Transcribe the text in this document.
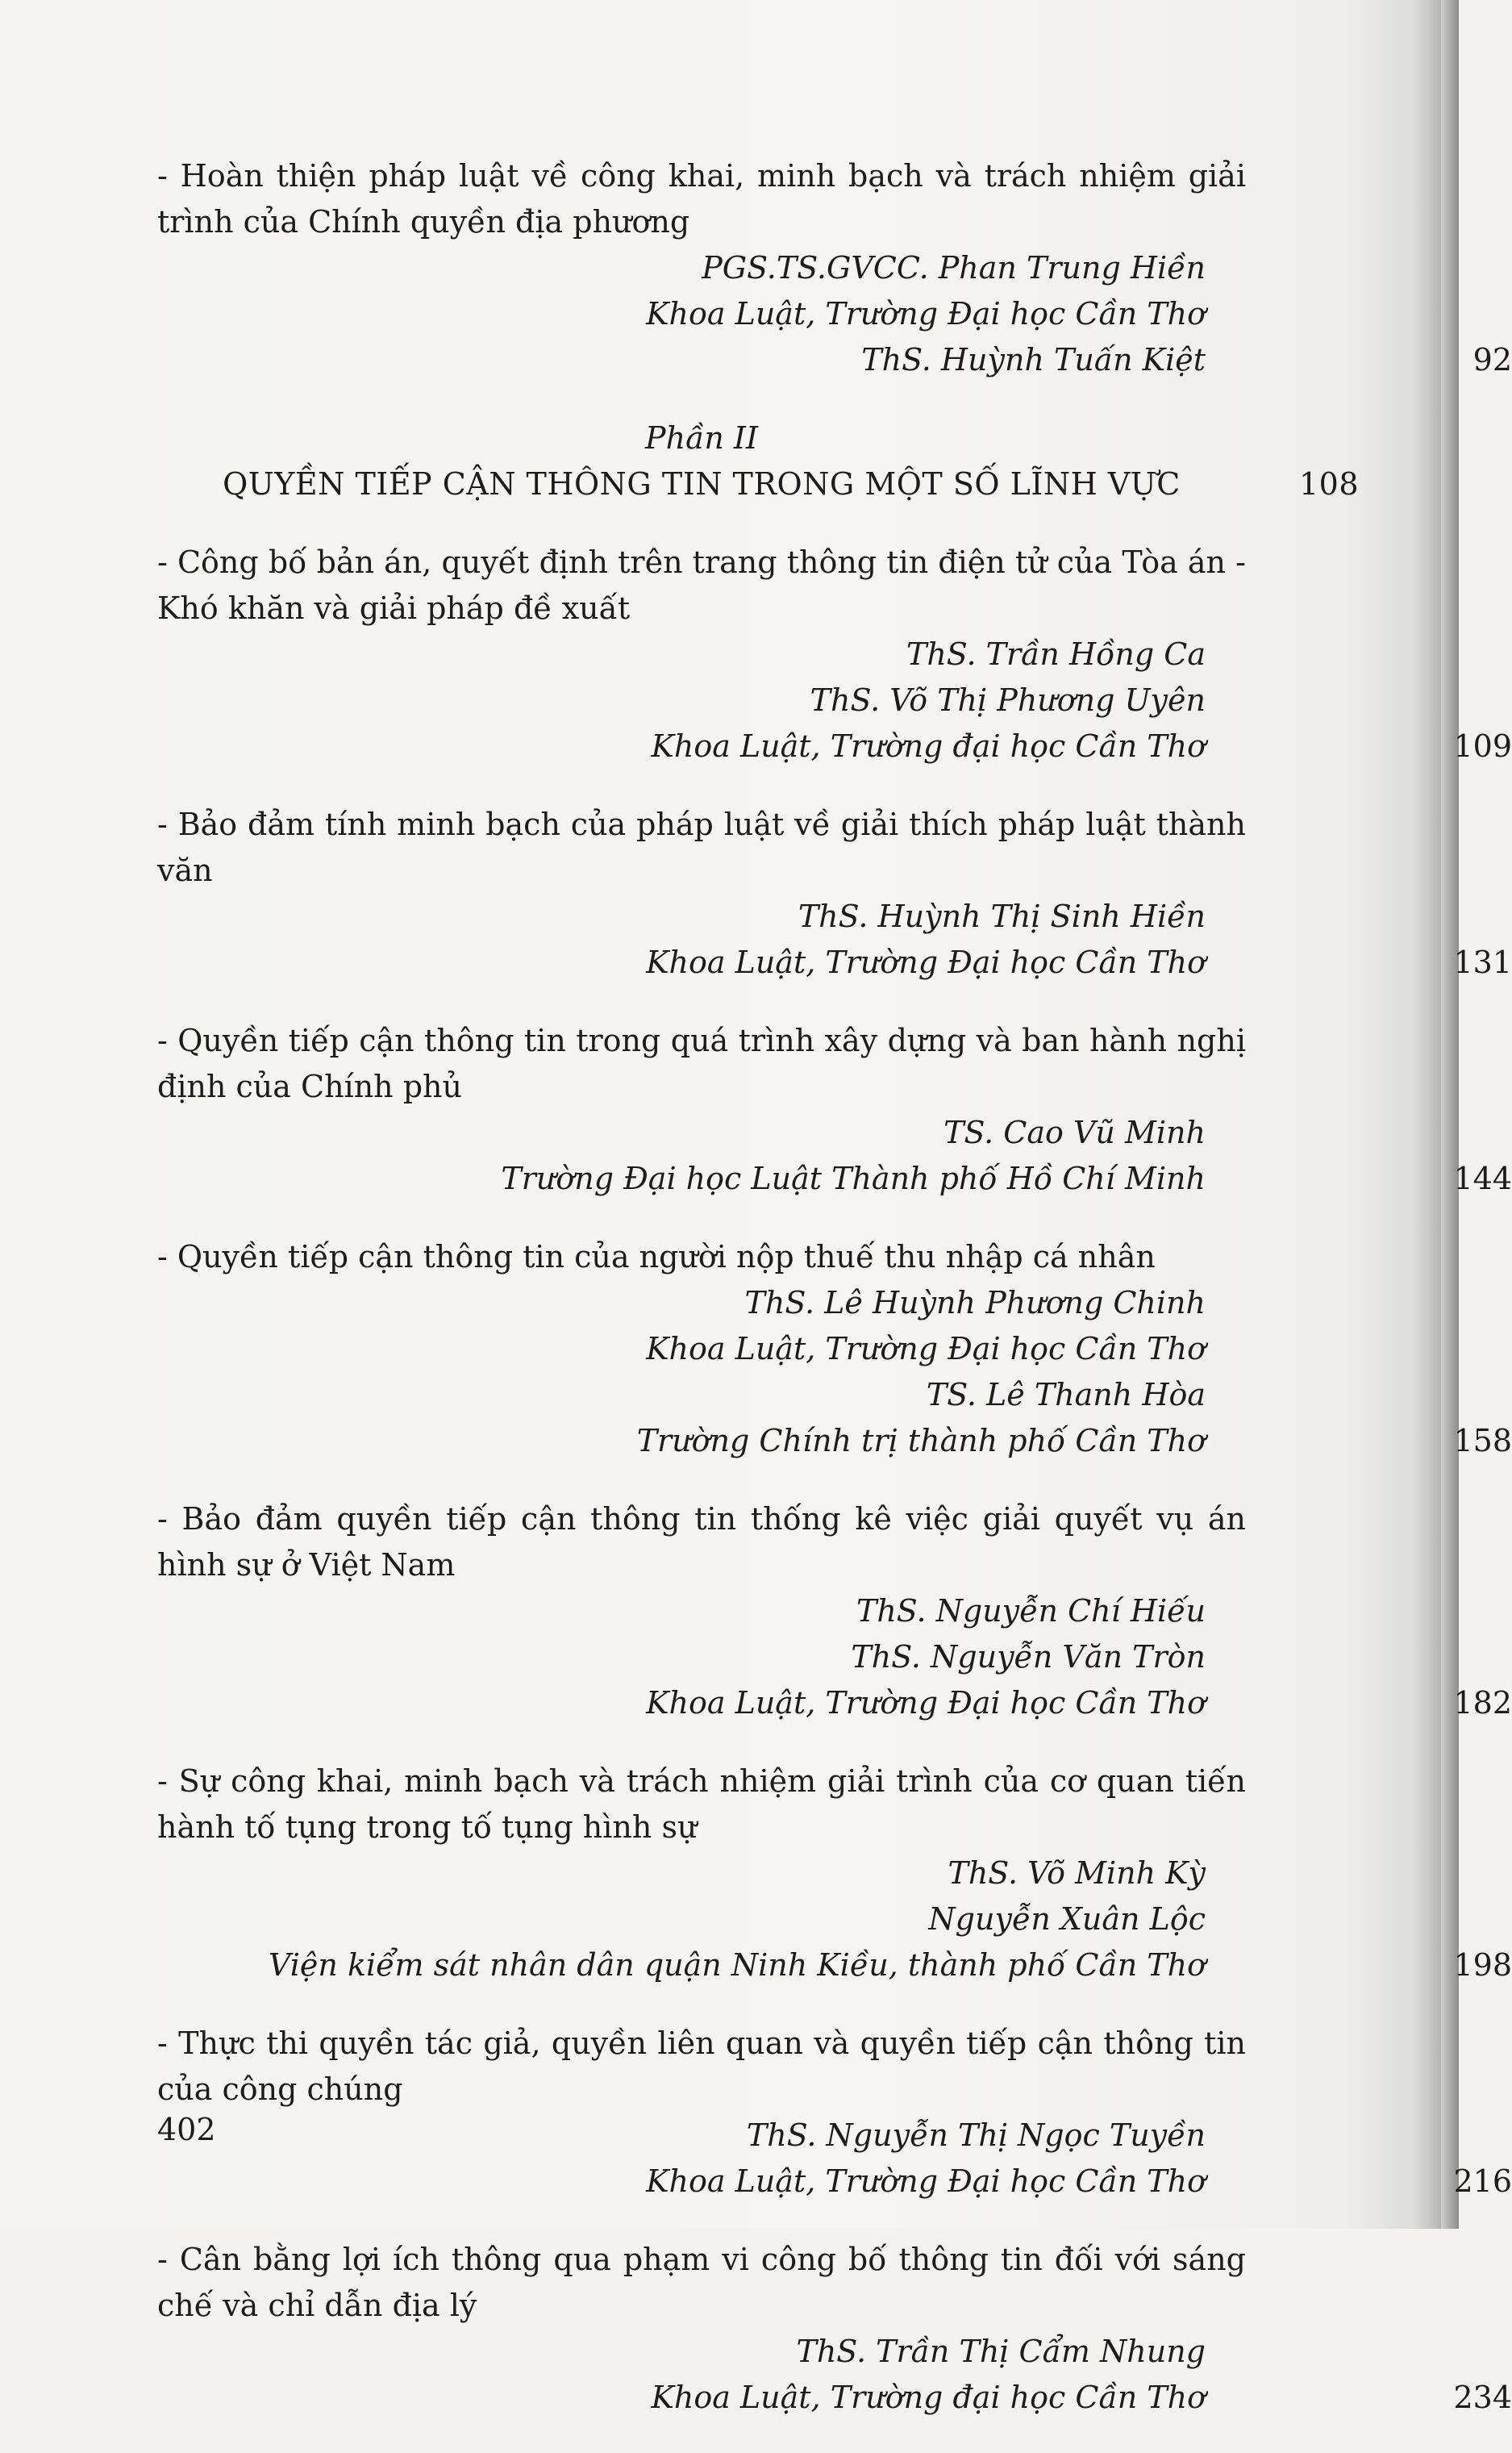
- Hoàn thiện pháp luật về công khai, minh bạch và trách nhiệm giải trình của Chính quyền địa phương
PGS.TS.GVCC. Phan Trung Hiền
Khoa Luật, Trường Đại học Cần Thơ
ThS. Huỳnh Tuấn Kiệt	92
Phần II
QUYỀN TIẾP CẬN THÔNG TIN TRONG MỘT SỐ LĨNH VỰC	108
- Công bố bản án, quyết định trên trang thông tin điện tử của Tòa án - Khó khăn và giải pháp đề xuất
ThS. Trần Hồng Ca
ThS. Võ Thị Phương Uyên
Khoa Luật, Trường đại học Cần Thơ	109
- Bảo đảm tính minh bạch của pháp luật về giải thích pháp luật thành văn
ThS. Huỳnh Thị Sinh Hiền
Khoa Luật, Trường Đại học Cần Thơ	131
- Quyền tiếp cận thông tin trong quá trình xây dựng và ban hành nghị định của Chính phủ
TS. Cao Vũ Minh
Trường Đại học Luật Thành phố Hồ Chí Minh	144
- Quyền tiếp cận thông tin của người nộp thuế thu nhập cá nhân
ThS. Lê Huỳnh Phương Chinh
Khoa Luật, Trường Đại học Cần Thơ
TS. Lê Thanh Hòa
Trường Chính trị thành phố Cần Thơ	158
- Bảo đảm quyền tiếp cận thông tin thống kê việc giải quyết vụ án hình sự ở Việt Nam
ThS. Nguyễn Chí Hiếu
ThS. Nguyễn Văn Tròn
Khoa Luật, Trường Đại học Cần Thơ	182
- Sự công khai, minh bạch và trách nhiệm giải trình của cơ quan tiến hành tố tụng trong tố tụng hình sự
ThS. Võ Minh Kỳ
Nguyễn Xuân Lộc
Viện kiểm sát nhân dân quận Ninh Kiều, thành phố Cần Thơ	198
- Thực thi quyền tác giả, quyền liên quan và quyền tiếp cận thông tin của công chúng
ThS. Nguyễn Thị Ngọc Tuyền
Khoa Luật, Trường Đại học Cần Thơ	216
- Cân bằng lợi ích thông qua phạm vi công bố thông tin đối với sáng chế và chỉ dẫn địa lý
ThS. Trần Thị Cẩm Nhung
Khoa Luật, Trường đại học Cần Thơ	234
402
